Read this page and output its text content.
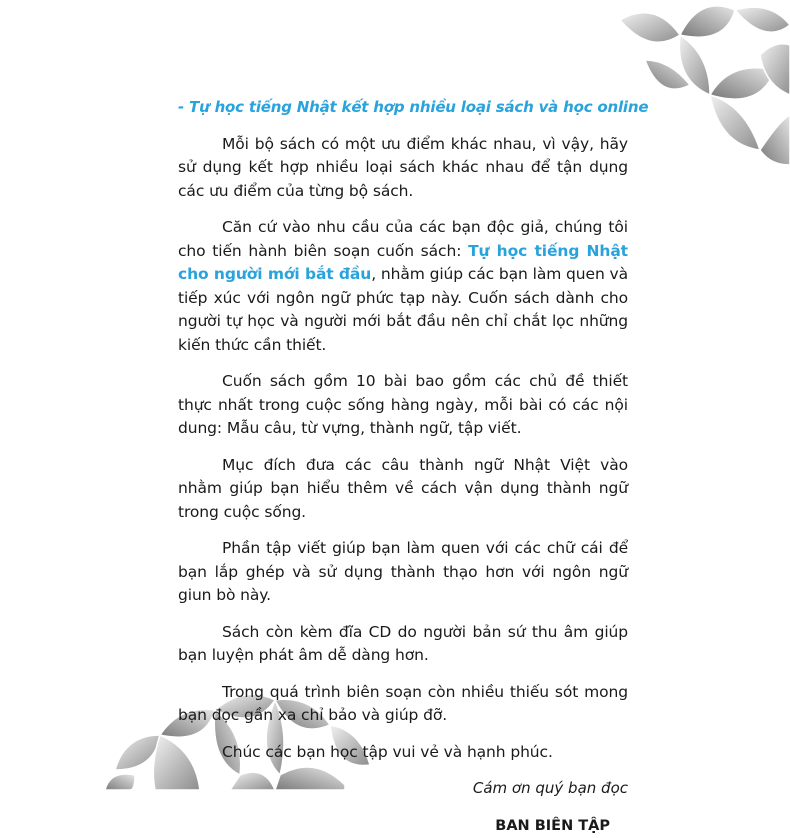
- Tự học tiếng Nhật kết hợp nhiều loại sách và học online

Mỗi bộ sách có một ưu điểm khác nhau, vì vậy, hãy sử dụng kết hợp nhiều loại sách khác nhau để tận dụng các ưu điểm của từng bộ sách.

Căn cứ vào nhu cầu của các bạn độc giả, chúng tôi cho tiến hành biên soạn cuốn sách: Tự học tiếng Nhật cho người mới bắt đầu, nhằm giúp các bạn làm quen và tiếp xúc với ngôn ngữ phức tạp này. Cuốn sách dành cho người tự học và người mới bắt đầu nên chỉ chắt lọc những kiến thức cần thiết.

Cuốn sách gồm 10 bài bao gồm các chủ đề thiết thực nhất trong cuộc sống hàng ngày, mỗi bài có các nội dung: Mẫu câu, từ vựng, thành ngữ, tập viết.

Mục đích đưa các câu thành ngữ Nhật Việt vào nhằm giúp bạn hiểu thêm về cách vận dụng thành ngữ trong cuộc sống.

Phần tập viết giúp bạn làm quen với các chữ cái để bạn lắp ghép và sử dụng thành thạo hơn với ngôn ngữ giun bò này.

Sách còn kèm đĩa CD do người bản sứ thu âm giúp bạn luyện phát âm dễ dàng hơn.

Trong quá trình biên soạn còn nhiều thiếu sót mong bạn đọc gần xa chỉ bảo và giúp đỡ.

Chúc các bạn học tập vui vẻ và hạnh phúc.

Cám ơn quý bạn đọc

BAN BIÊN TẬP
